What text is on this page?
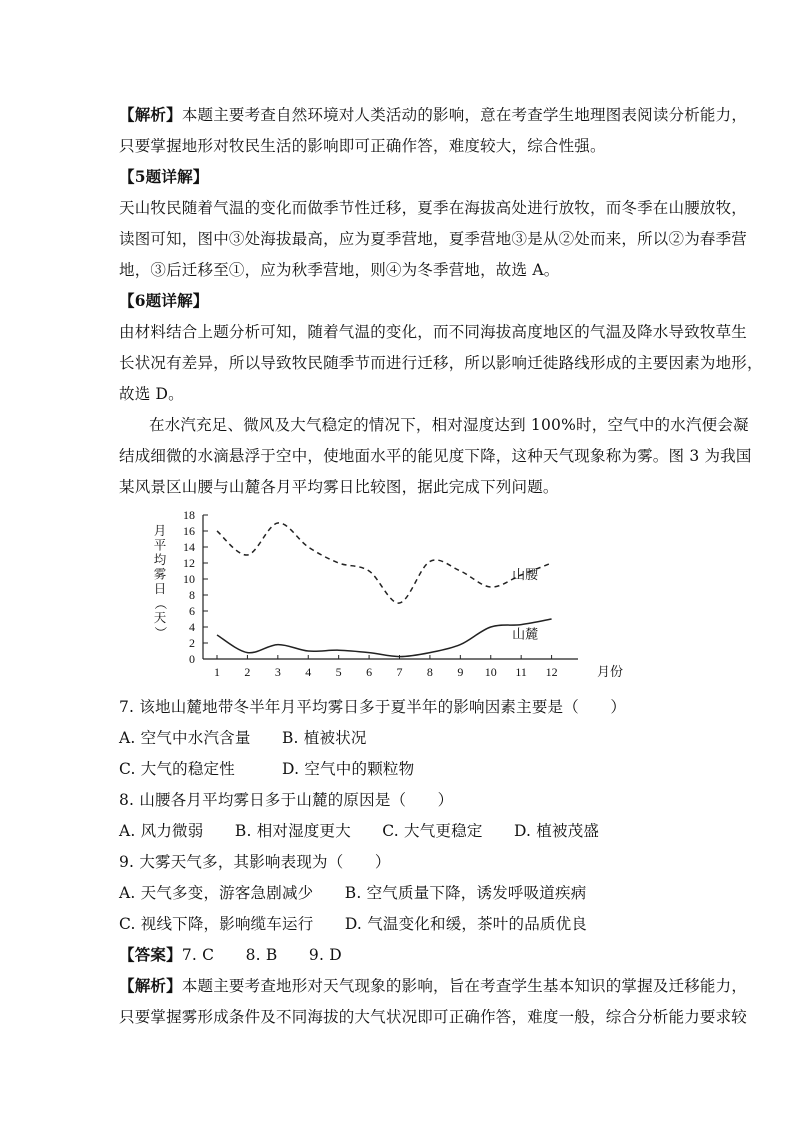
【解析】本题主要考查自然环境对人类活动的影响，意在考查学生地理图表阅读分析能力，
只要掌握地形对牧民生活的影响即可正确作答，难度较大，综合性强。
【5题详解】
天山牧民随着气温的变化而做季节性迁移，夏季在海拔高处进行放牧，而冬季在山腰放牧，
读图可知，图中③处海拔最高，应为夏季营地，夏季营地③是从②处而来，所以②为春季营
地，③后迁移至①，应为秋季营地，则④为冬季营地，故选 A。
【6题详解】
由材料结合上题分析可知，随着气温的变化，而不同海拔高度地区的气温及降水导致牧草生
长状况有差异，所以导致牧民随季节而进行迁移，所以影响迁徙路线形成的主要因素为地形，
故选 D。
在水汽充足、微风及大气稳定的情况下，相对湿度达到 100%时，空气中的水汽便会凝
结成细微的水滴悬浮于空中，使地面水平的能见度下降，这种天气现象称为雾。图 3 为我国
某风景区山腰与山麓各月平均雾日比较图，据此完成下列问题。
0
2
4
6
8
10
12
14
16
18
1 2 3 4 5 6 7 8 9 10 11 12	月份
月
平
均
雾
日
（
天
）
山腰
山麓
7. 该地山麓地带冬半年月平均雾日多于夏半年的影响因素主要是（　　）
A. 空气中水汽含量　　B. 植被状况
C. 大气的稳定性　　　D. 空气中的颗粒物
8. 山腰各月平均雾日多于山麓的原因是（　　）
A. 风力微弱　　B. 相对湿度更大　　C. 大气更稳定　　D. 植被茂盛
9. 大雾天气多，其影响表现为（　　）
A. 天气多变，游客急剧减少　　B. 空气质量下降，诱发呼吸道疾病
C. 视线下降，影响缆车运行　　D. 气温变化和缓，茶叶的品质优良
【答案】7. C　　8. B　　9. D
【解析】本题主要考查地形对天气现象的影响，旨在考查学生基本知识的掌握及迁移能力，
只要掌握雾形成条件及不同海拔的大气状况即可正确作答，难度一般，综合分析能力要求较
